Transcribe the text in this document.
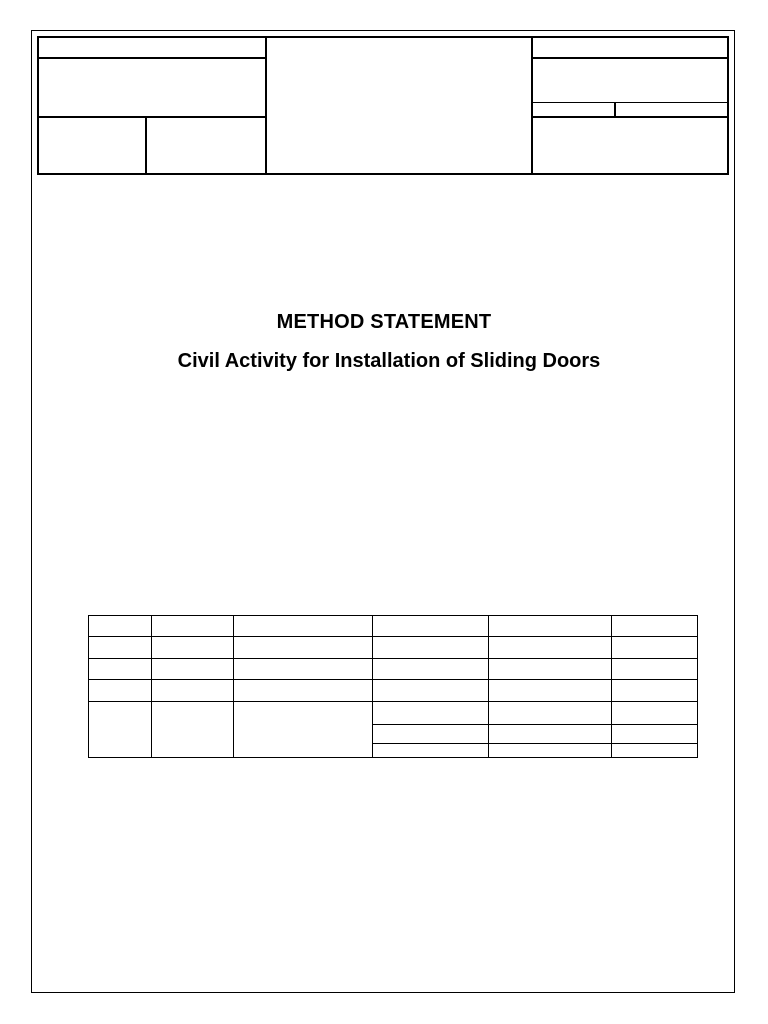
METHOD STATEMENT
Civil Activity for Installation of Sliding Doors
